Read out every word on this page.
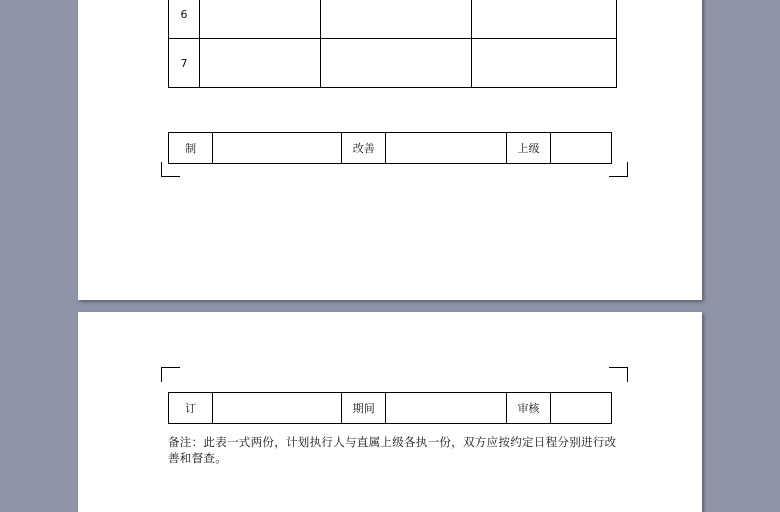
6			
7			
制		改善		上级	
订		期间		审核	
备注：此表一式两份，计划执行人与直属上级各执一份，双方应按约定日程分别进行改善和督查。
